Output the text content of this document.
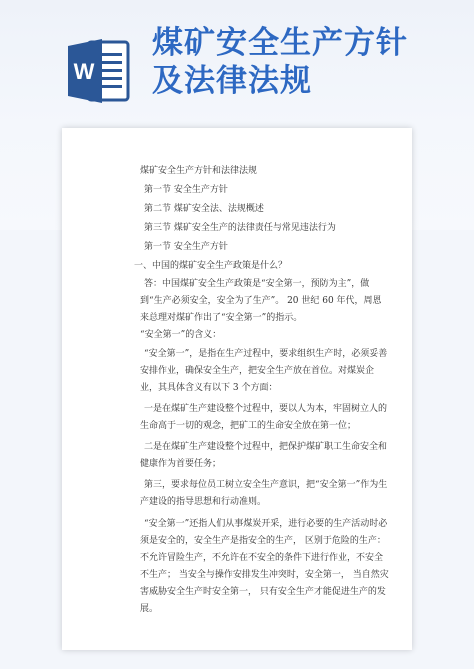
W
煤矿安全生产方针
及法律法规
煤矿安全生产方针和法律法规
第一节 安全生产方针
第二节 煤矿安全法、法规概述
第三节 煤矿安全生产的法律责任与常见违法行为
第一节 安全生产方针
一、中国的煤矿安全生产政策是什么？
答：中国煤矿安全生产政策是“安全第一，预防为主”，做到“生产必须安全，安全为了生产”。 20 世纪 60 年代，周恩来总理对煤矿作出了“安全第一”的指示。
“安全第一”的含义：
“安全第一”，是指在生产过程中，要求组织生产时，必须妥善安排作业，确保安全生产，把安全生产放在首位。对煤炭企业，其具体含义有以下 3 个方面：
一是在煤矿生产建设整个过程中，要以人为本，牢固树立人的生命高于一切的观念，把矿工的生命安全放在第一位；
二是在煤矿生产建设整个过程中，把保护煤矿职工生命安全和健康作为首要任务；
第三，要求每位员工树立安全生产意识，把“安全第一”作为生产建设的指导思想和行动准则。
“安全第一”还指人们从事煤炭开采，进行必要的生产活动时必须是安全的，安全生产是指安全的生产， 区别于危险的生产：不允许冒险生产，不允许在不安全的条件下进行作业，不安全不生产； 当安全与操作安排发生冲突时，安全第一， 当自然灾害威胁安全生产时安全第一， 只有安全生产才能促进生产的发展。
